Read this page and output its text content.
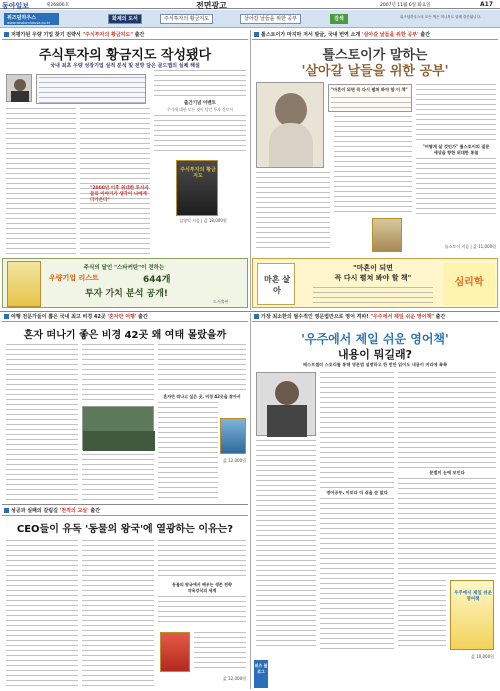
동아일보	제26806호	전면광고	2007년 11월 6일 화요일	A17
위즈덤하우스
www.wisdomhouse.co.kr
화제의 도서	주식투자의 황금지도	살아갈 날들을 위한 공부	검색	위즈덤하우스의 모든 책은 미니북도 함께 출간됩니다.
저평가된 우량 기업 찾기 전략서 "주식투자의 황금지도" 출간
주식투자의 황금지도 작성됐다
국내 최초 우량 성장기업 실적 분석 및 전망 담은 골드맵의 실체 해설
출간기념 이벤트
주식에 대한 모든 것이 담긴 투자 정보서
"2000년 이후 위대한 투자자들의 이야기가 생각이 나에게 다가온다"
주식투자의 황금지도
김영익 지음 | 값 18,000원
주식의 달인 "스타커탄"이 전하는
우량기업 리스트	644개
투자 가치 분석 공개!
도서출판
톨스토이가 마지막 저서 발굴, 국내 번역 소개 '살아갈 날들을 위한 공부' 출간
톨스토이가 말하는
'살아갈 날들을 위한 공부'
"마흔이 되면 꼭 다시 펼쳐 봐야 할 이 책"
"어떻게 살 것인가" 톨스토이의 질문
세상을 향한 위대한 통찰
톨스토이 지음 | 값 11,000원
마흔 살아
"마흔이 되면
꼭 다시 펼쳐 봐야 할 책"	심리학
여행 전문가들이 뽑은 국내 최고 비경 42곳 '혼자만 여행' 출간
혼자 떠나기 좋은 비경 42곳 왜 여태 몰랐을까
혼자만 떠나고 싶은 곳, 비경 42곳을 찾아서
값 12,000원
성공과 실패의 갈림길 '천적의 교실' 출간
CEO들이 유독 '동물의 왕국'에 열광하는 이유는?
동물의 왕국에서 배우는 생존 전략
약육강식의 세계
값 12,000원
가장 최소한의 필수적인 영문법만으로 영어 격파! "우주에서 제일 쉬운 영어책" 출간
'우주에서 제일 쉬운 영어책'
내용이 뭐길래?
베스트셀러 스토리를 통해 영문법 설명하고 한 번만 읽어도 내용이 머리에 쏙쏙
영어공부, 이보다 더 쉬울 순 없다
문법이 눈에 보인다
우주에서 제일 쉬운 영어책
값 10,000원
위즈 블로그
